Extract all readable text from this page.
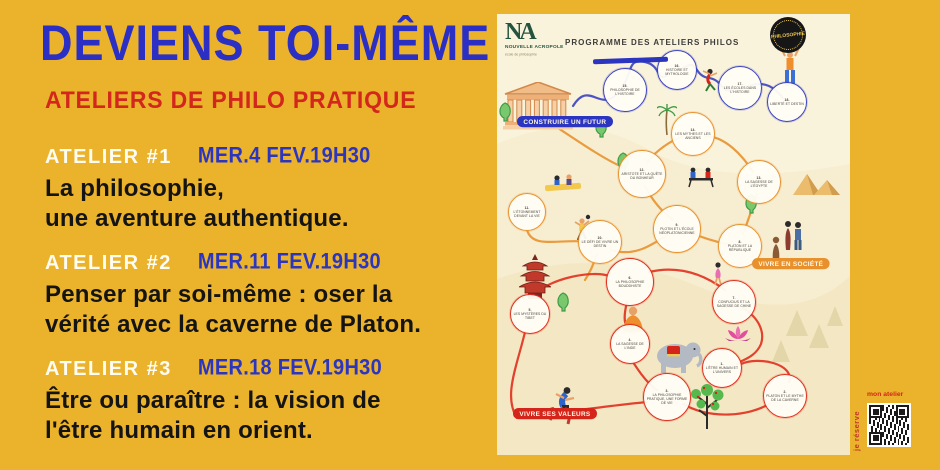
DEVIENS TOI-MÊME
ATELIERS DE PHILO PRATIQUE
ATELIER #1 MER.4 FEV.19H30

La philosophie,
une aventure authentique.

ATELIER #2 MER.11 FEV.19H30

Penser par soi-même : oser la
vérité avec la caverne de Platon.

ATELIER #3 MER.18 FEV.19H30

Être ou paraître : la vision de
l'être humain en orient.

NA
NOUVELLE ACROPOLE
école de philosophie
PROGRAMME DES ATELIERS PHILOS
PHILOSOPHIE
1.
L'ÊTRE HUMAIN ET L'UNIVERS
2.
PLATON ET LE MYTHE DE LA CAVERNE
3.
LA PHILOSOPHIE PRATIQUE, UNE FORME DE VIE
4.
LA SAGESSE DE L'INDE
5.
LES MYSTÈRES DU TIBET
6.
LA PHILOSOPHIE BOUDDHISTE
7.
CONFUCIUS ET LA SAGESSE DE CHINE
8.
PLATON ET LA RÉPUBLIQUE
9.
PLOTIN ET L'ÉCOLE NÉOPLATONICIENNE
10.
LE DÉFI DE VIVRE UN DESTIN
11.
L'ÉTONNEMENT DEVANT LA VIE
12.
ARISTOTE ET LA QUÊTE DU BONHEUR	13.
LA SAGESSE DE L'ÉGYPTE
14.
LES MYTHES ET LES ANCIENS
15.
PHILOSOPHIE DE L'HISTOIRE
16.
HISTOIRE ET MYTHOLOGIE
17.
LES ÉCOLES DANS L'HISTOIRE
18.
LIBERTÉ ET DESTIN
CONSTRUIRE UN FUTUR
VIVRE EN SOCIÉTÉ
VIVRE SES VALEURS
mon atelier
je réserve
